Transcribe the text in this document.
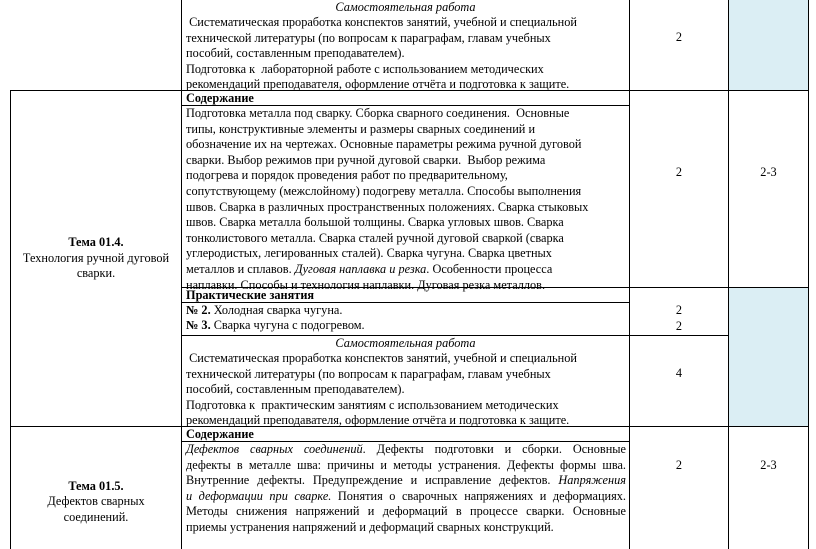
Самостоятельная работа
Систематическая проработка конспектов занятий, учебной и специальной
технической литературы (по вопросам к параграфам, главам учебных
пособий, составленным преподавателем).
Подготовка к  лабораторной работе с использованием методических
рекомендаций преподавателя, оформление отчёта и подготовка к защите.
2
Тема 01.4.
Технология ручной дуговой
сварки.
Содержание
Подготовка металла под сварку. Сборка сварного соединения.  Основные
типы, конструктивные элементы и размеры сварных соединений и
обозначение их на чертежах. Основные параметры режима ручной дуговой
сварки. Выбор режимов при ручной дуговой сварки.  Выбор режима
подогрева и порядок проведения работ по предварительному,
сопутствующему (межслойному) подогреву металла. Способы выполнения
швов. Сварка в различных пространственных положениях. Сварка стыковых
швов. Сварка металла большой толщины. Сварка угловых швов. Сварка
тонколистового металла. Сварка сталей ручной дуговой сваркой (сварка
углеродистых, легированных сталей). Сварка чугуна. Сварка цветных
металлов и сплавов. Дуговая наплавка и резка. Особенности процесса
наплавки. Способы и технология наплавки. Дуговая резка металлов.
2	2-3
Практические занятия
№ 2. Холодная сварка чугуна.
№ 3. Сварка чугуна с подогревом.
2
2
Самостоятельная работа
Систематическая проработка конспектов занятий, учебной и специальной
технической литературы (по вопросам к параграфам, главам учебных
пособий, составленным преподавателем).
Подготовка к  практическим занятиям с использованием методических
рекомендаций преподавателя, оформление отчёта и подготовка к защите.
4
Тема 01.5.
Дефектов сварных
соединений.
Содержание
Дефектов сварных соединений. Дефекты подготовки и сборки. Основные
дефекты в металле шва: причины и методы устранения. Дефекты формы шва.
Внутренние дефекты. Предупреждение и исправление дефектов. Напряжения
и деформации при сварке. Понятия о сварочных напряжениях и деформациях.
Методы снижения напряжений и деформаций в процессе сварки. Основные
приемы устранения напряжений и деформаций сварных конструкций.
2	2-3
